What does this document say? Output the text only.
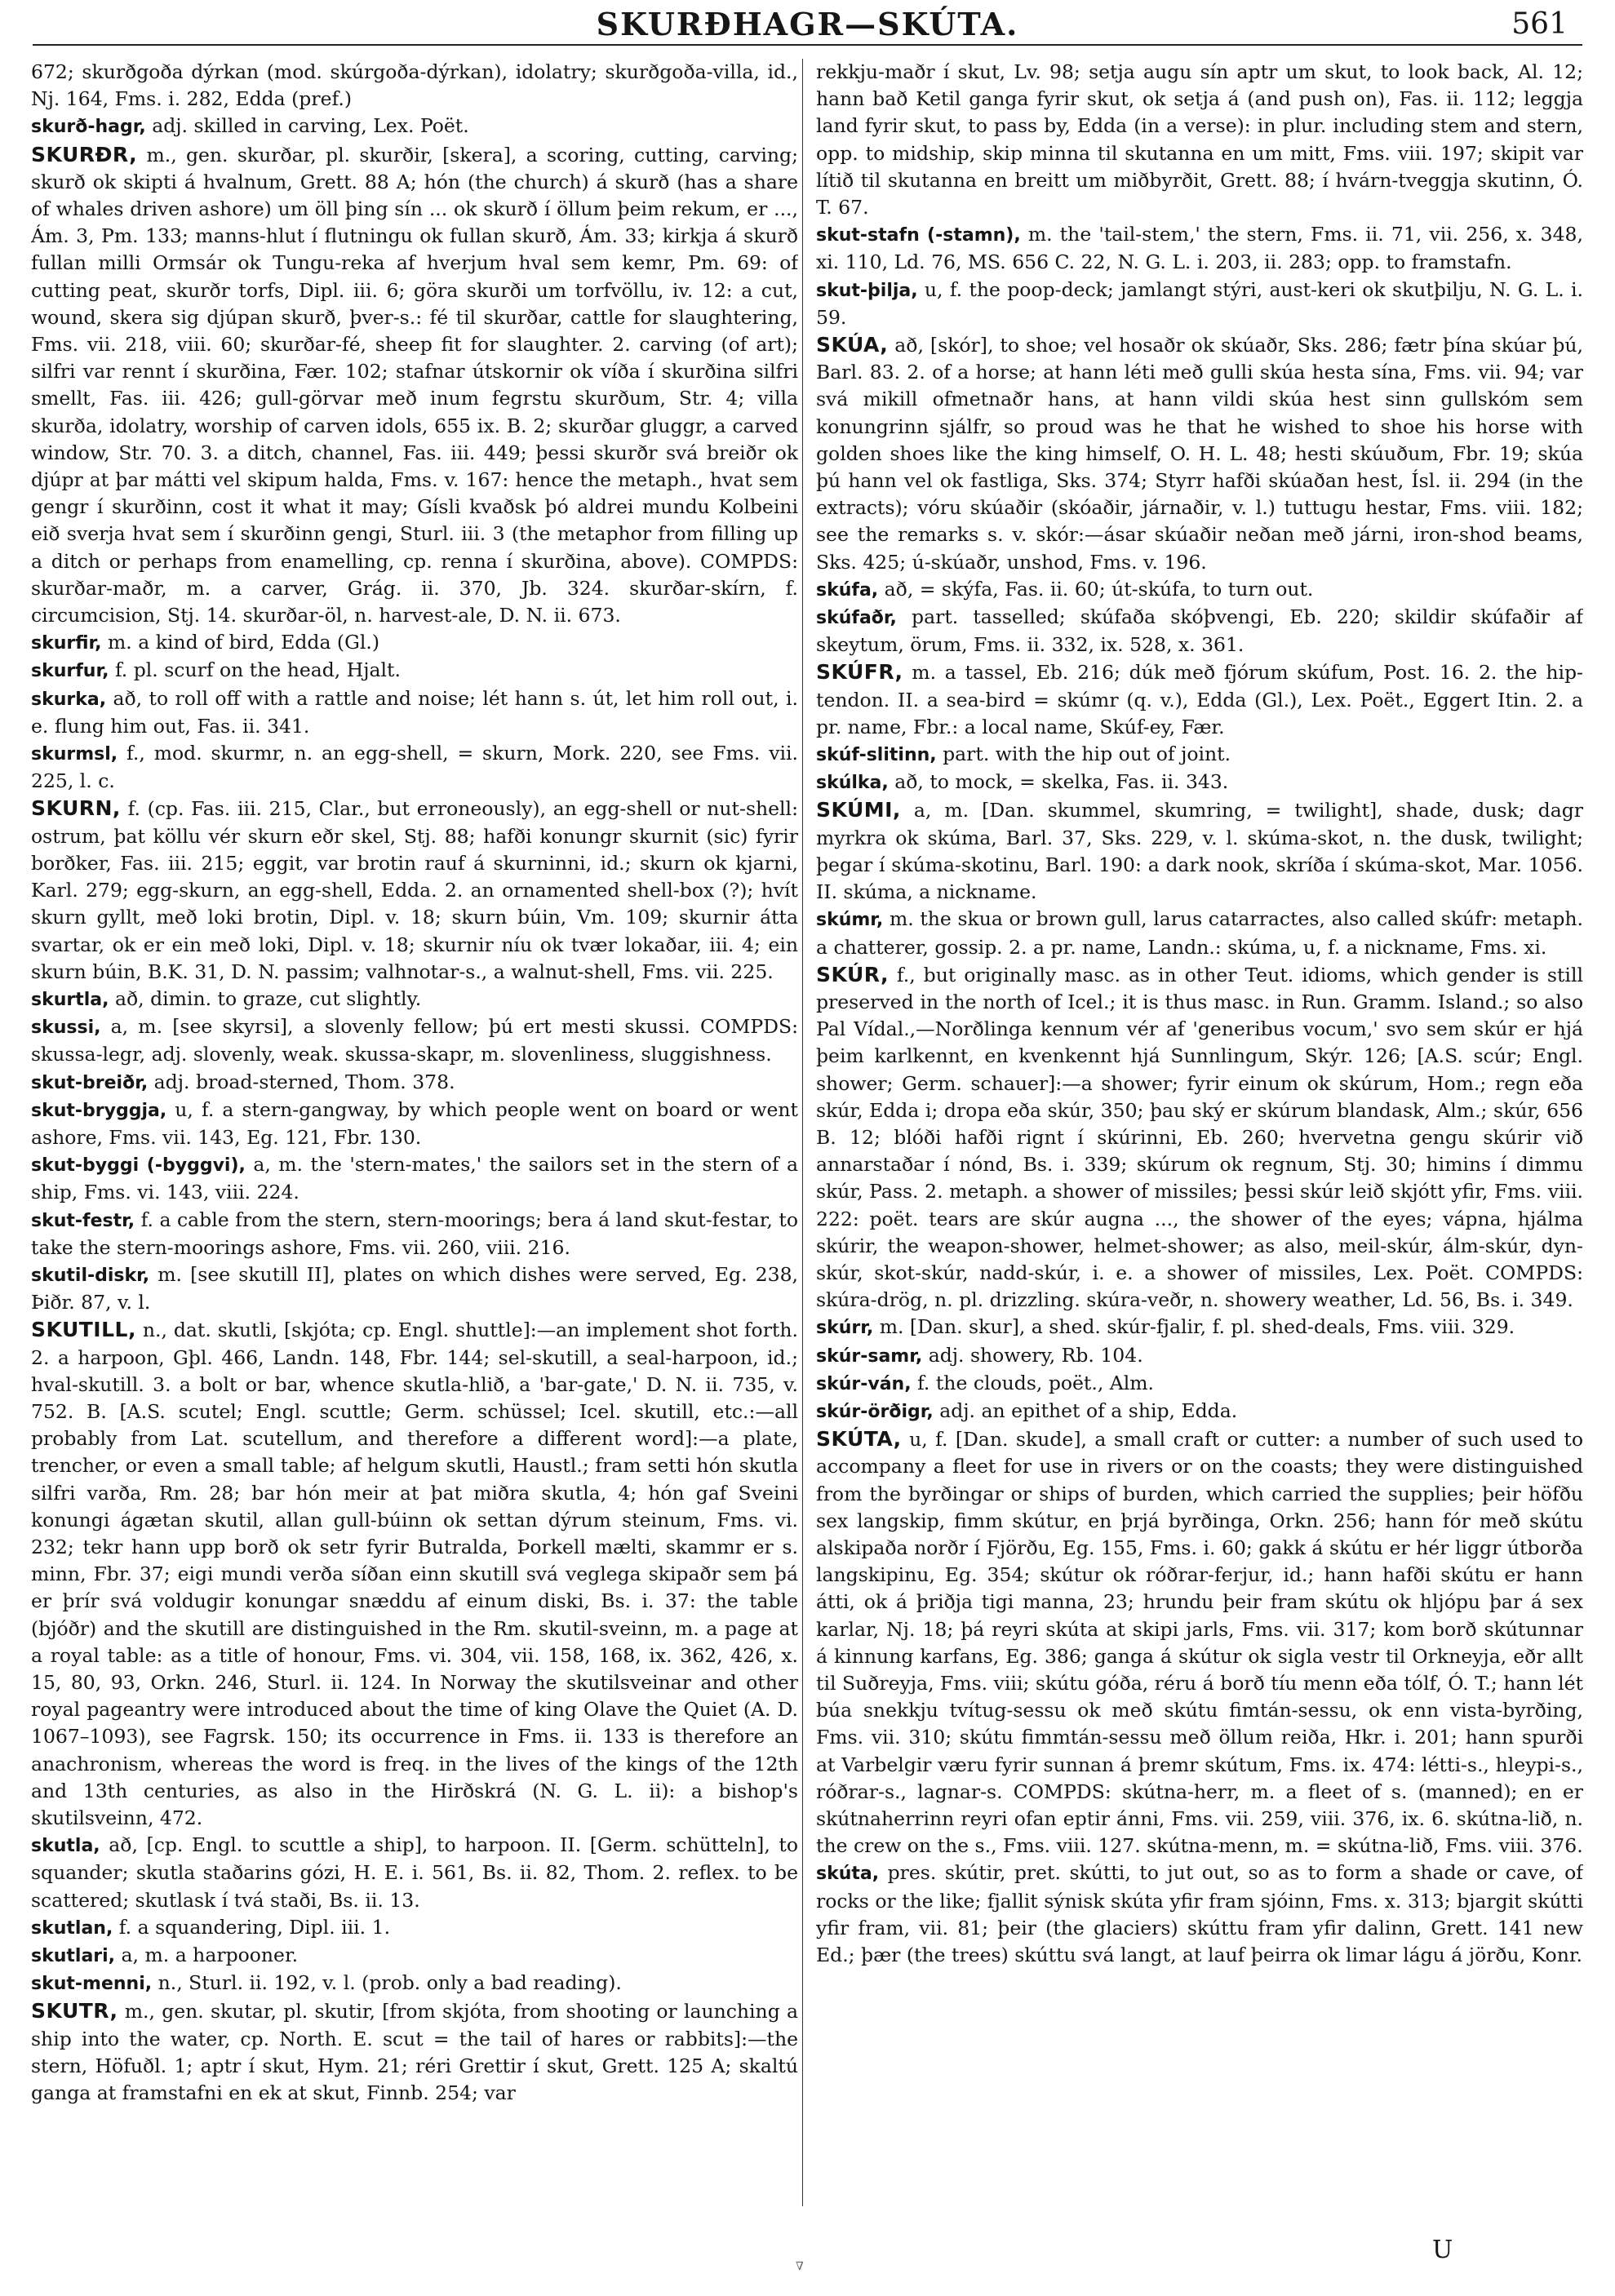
SKURÐHAGR—SKÚTA.	561

672; skurðgoða dýrkan (mod. skúrgoða-dýrkan), idolatry; skurðgoða-villa, id., Nj. 164, Fms. i. 282, Edda (pref.)

skurð-hagr, adj. skilled in carving, Lex. Poët.

SKURÐR, m., gen. skurðar, pl. skurðir, [skera], a scoring, cutting, carving; skurð ok skipti á hvalnum, Grett. 88 A; hón (the church) á skurð (has a share of whales driven ashore) um öll þing sín ... ok skurð í öllum þeim rekum, er ..., Ám. 3, Pm. 133; manns-hlut í flutningu ok fullan skurð, Ám. 33; kirkja á skurð fullan milli Ormsár ok Tungu-reka af hverjum hval sem kemr, Pm. 69: of cutting peat, skurðr torfs, Dipl. iii. 6; göra skurði um torfvöllu, iv. 12: a cut, wound, skera sig djúpan skurð, þver-s.: fé til skurðar, cattle for slaughtering, Fms. vii. 218, viii. 60; skurðar-fé, sheep fit for slaughter. 2. carving (of art); silfri var rennt í skurðina, Fær. 102; stafnar útskornir ok víða í skurðina silfri smellt, Fas. iii. 426; gull-görvar með inum fegrstu skurðum, Str. 4; villa skurða, idolatry, worship of carven idols, 655 ix. B. 2; skurðar gluggr, a carved window, Str. 70. 3. a ditch, channel, Fas. iii. 449; þessi skurðr svá breiðr ok djúpr at þar mátti vel skipum halda, Fms. v. 167: hence the metaph., hvat sem gengr í skurðinn, cost it what it may; Gísli kvaðsk þó aldrei mundu Kolbeini eið sverja hvat sem í skurðinn gengi, Sturl. iii. 3 (the metaphor from filling up a ditch or perhaps from enamelling, cp. renna í skurðina, above). COMPDS: skurðar-maðr, m. a carver, Grág. ii. 370, Jb. 324. skurðar-skírn, f. circumcision, Stj. 14. skurðar-öl, n. harvest-ale, D. N. ii. 673.

skurfir, m. a kind of bird, Edda (Gl.)

skurfur, f. pl. scurf on the head, Hjalt.

skurka, að, to roll off with a rattle and noise; lét hann s. út, let him roll out, i. e. flung him out, Fas. ii. 341.

skurmsl, f., mod. skurmr, n. an egg-shell, = skurn, Mork. 220, see Fms. vii. 225, l. c.

SKURN, f. (cp. Fas. iii. 215, Clar., but erroneously), an egg-shell or nut-shell: ostrum, þat köllu vér skurn eðr skel, Stj. 88; hafði konungr skurnit (sic) fyrir borðker, Fas. iii. 215; eggit, var brotin rauf á skurninni, id.; skurn ok kjarni, Karl. 279; egg-skurn, an egg-shell, Edda. 2. an ornamented shell-box (?); hvít skurn gyllt, með loki brotin, Dipl. v. 18; skurn búin, Vm. 109; skurnir átta svartar, ok er ein með loki, Dipl. v. 18; skurnir níu ok tvær lokaðar, iii. 4; ein skurn búin, B.K. 31, D. N. passim; valhnotar-s., a walnut-shell, Fms. vii. 225.

skurtla, að, dimin. to graze, cut slightly.

skussi, a, m. [see skyrsi], a slovenly fellow; þú ert mesti skussi. COMPDS: skussa-legr, adj. slovenly, weak. skussa-skapr, m. slovenliness, sluggishness.

skut-breiðr, adj. broad-sterned, Thom. 378.

skut-bryggja, u, f. a stern-gangway, by which people went on board or went ashore, Fms. vii. 143, Eg. 121, Fbr. 130.

skut-byggi (-byggvi), a, m. the 'stern-mates,' the sailors set in the stern of a ship, Fms. vi. 143, viii. 224.

skut-festr, f. a cable from the stern, stern-moorings; bera á land skut-festar, to take the stern-moorings ashore, Fms. vii. 260, viii. 216.

skutil-diskr, m. [see skutill II], plates on which dishes were served, Eg. 238, Þiðr. 87, v. l.

SKUTILL, n., dat. skutli, [skjóta; cp. Engl. shuttle]:—an implement shot forth. 2. a harpoon, Gþl. 466, Landn. 148, Fbr. 144; sel-skutill, a seal-harpoon, id.; hval-skutill. 3. a bolt or bar, whence skutla-hlið, a 'bar-gate,' D. N. ii. 735, v. 752. B. [A.S. scutel; Engl. scuttle; Germ. schüssel; Icel. skutill, etc.:—all probably from Lat. scutellum, and therefore a different word]:—a plate, trencher, or even a small table; af helgum skutli, Haustl.; fram setti hón skutla silfri varða, Rm. 28; bar hón meir at þat miðra skutla, 4; hón gaf Sveini konungi ágætan skutil, allan gull-búinn ok settan dýrum steinum, Fms. vi. 232; tekr hann upp borð ok setr fyrir Butralda, Þorkell mælti, skammr er s. minn, Fbr. 37; eigi mundi verða síðan einn skutill svá veglega skipaðr sem þá er þrír svá voldugir konungar snæddu af einum diski, Bs. i. 37: the table (bjóðr) and the skutill are distinguished in the Rm. skutil-sveinn, m. a page at a royal table: as a title of honour, Fms. vi. 304, vii. 158, 168, ix. 362, 426, x. 15, 80, 93, Orkn. 246, Sturl. ii. 124. In Norway the skutilsveinar and other royal pageantry were introduced about the time of king Olave the Quiet (A. D. 1067–1093), see Fagrsk. 150; its occurrence in Fms. ii. 133 is therefore an anachronism, whereas the word is freq. in the lives of the kings of the 12th and 13th centuries, as also in the Hirðskrá (N. G. L. ii): a bishop's skutilsveinn, 472.

skutla, að, [cp. Engl. to scuttle a ship], to harpoon. II. [Germ. schütteln], to squander; skutla staðarins gózi, H. E. i. 561, Bs. ii. 82, Thom. 2. reflex. to be scattered; skutlask í tvá staði, Bs. ii. 13.

skutlan, f. a squandering, Dipl. iii. 1.

skutlari, a, m. a harpooner.

skut-menni, n., Sturl. ii. 192, v. l. (prob. only a bad reading).

SKUTR, m., gen. skutar, pl. skutir, [from skjóta, from shooting or launching a ship into the water, cp. North. E. scut = the tail of hares or rabbits]:—the stern, Höfuðl. 1; aptr í skut, Hym. 21; réri Grettir í skut, Grett. 125 A; skaltú ganga at framstafni en ek at skut, Finnb. 254; var

rekkju-maðr í skut, Lv. 98; setja augu sín aptr um skut, to look back, Al. 12; hann bað Ketil ganga fyrir skut, ok setja á (and push on), Fas. ii. 112; leggja land fyrir skut, to pass by, Edda (in a verse): in plur. including stem and stern, opp. to midship, skip minna til skutanna en um mitt, Fms. viii. 197; skipit var lítið til skutanna en breitt um miðbyrðit, Grett. 88; í hvárn-tveggja skutinn, Ó. T. 67.

skut-stafn (-stamn), m. the 'tail-stem,' the stern, Fms. ii. 71, vii. 256, x. 348, xi. 110, Ld. 76, MS. 656 C. 22, N. G. L. i. 203, ii. 283; opp. to framstafn.

skut-þilja, u, f. the poop-deck; jamlangt stýri, aust-keri ok skutþilju, N. G. L. i. 59.

SKÚA, að, [skór], to shoe; vel hosaðr ok skúaðr, Sks. 286; fætr þína skúar þú, Barl. 83. 2. of a horse; at hann léti með gulli skúa hesta sína, Fms. vii. 94; var svá mikill ofmetnaðr hans, at hann vildi skúa hest sinn gullskóm sem konungrinn sjálfr, so proud was he that he wished to shoe his horse with golden shoes like the king himself, O. H. L. 48; hesti skúuðum, Fbr. 19; skúa þú hann vel ok fastliga, Sks. 374; Styrr hafði skúaðan hest, Ísl. ii. 294 (in the extracts); vóru skúaðir (skóaðir, járnaðir, v. l.) tuttugu hestar, Fms. viii. 182; see the remarks s. v. skór:—ásar skúaðir neðan með járni, iron-shod beams, Sks. 425; ú-skúaðr, unshod, Fms. v. 196.

skúfa, að, = skýfa, Fas. ii. 60; út-skúfa, to turn out.

skúfaðr, part. tasselled; skúfaða skóþvengi, Eb. 220; skildir skúfaðir af skeytum, örum, Fms. ii. 332, ix. 528, x. 361.

SKÚFR, m. a tassel, Eb. 216; dúk með fjórum skúfum, Post. 16. 2. the hip-tendon. II. a sea-bird = skúmr (q. v.), Edda (Gl.), Lex. Poët., Eggert Itin. 2. a pr. name, Fbr.: a local name, Skúf-ey, Fær.

skúf-slitinn, part. with the hip out of joint.

skúlka, að, to mock, = skelka, Fas. ii. 343.

SKÚMI, a, m. [Dan. skummel, skumring, = twilight], shade, dusk; dagr myrkra ok skúma, Barl. 37, Sks. 229, v. l. skúma-skot, n. the dusk, twilight; þegar í skúma-skotinu, Barl. 190: a dark nook, skríða í skúma-skot, Mar. 1056. II. skúma, a nickname.

skúmr, m. the skua or brown gull, larus catarractes, also called skúfr: metaph. a chatterer, gossip. 2. a pr. name, Landn.: skúma, u, f. a nickname, Fms. xi.

SKÚR, f., but originally masc. as in other Teut. idioms, which gender is still preserved in the north of Icel.; it is thus masc. in Run. Gramm. Island.; so also Pal Vídal.,—Norðlinga kennum vér af 'generibus vocum,' svo sem skúr er hjá þeim karlkennt, en kvenkennt hjá Sunnlingum, Skýr. 126; [A.S. scúr; Engl. shower; Germ. schauer]:—a shower; fyrir einum ok skúrum, Hom.; regn eða skúr, Edda i; dropa eða skúr, 350; þau ský er skúrum blandask, Alm.; skúr, 656 B. 12; blóði hafði rignt í skúrinni, Eb. 260; hvervetna gengu skúrir við annarstaðar í nónd, Bs. i. 339; skúrum ok regnum, Stj. 30; himins í dimmu skúr, Pass. 2. metaph. a shower of missiles; þessi skúr leið skjótt yfir, Fms. viii. 222: poët. tears are skúr augna ..., the shower of the eyes; vápna, hjálma skúrir, the weapon-shower, helmet-shower; as also, meil-skúr, álm-skúr, dyn-skúr, skot-skúr, nadd-skúr, i. e. a shower of missiles, Lex. Poët. COMPDS: skúra-drög, n. pl. drizzling. skúra-veðr, n. showery weather, Ld. 56, Bs. i. 349.

skúrr, m. [Dan. skur], a shed. skúr-fjalir, f. pl. shed-deals, Fms. viii. 329.

skúr-samr, adj. showery, Rb. 104.

skúr-ván, f. the clouds, poët., Alm.

skúr-örðigr, adj. an epithet of a ship, Edda.

SKÚTA, u, f. [Dan. skude], a small craft or cutter: a number of such used to accompany a fleet for use in rivers or on the coasts; they were distinguished from the byrðingar or ships of burden, which carried the supplies; þeir höfðu sex langskip, fimm skútur, en þrjá byrðinga, Orkn. 256; hann fór með skútu alskipaða norðr í Fjörðu, Eg. 155, Fms. i. 60; gakk á skútu er hér liggr útborða langskipinu, Eg. 354; skútur ok róðrar-ferjur, id.; hann hafði skútu er hann átti, ok á þriðja tigi manna, 23; hrundu þeir fram skútu ok hljópu þar á sex karlar, Nj. 18; þá reyri skúta at skipi jarls, Fms. vii. 317; kom borð skútunnar á kinnung karfans, Eg. 386; ganga á skútur ok sigla vestr til Orkneyja, eðr allt til Suðreyja, Fms. viii; skútu góða, réru á borð tíu menn eða tólf, Ó. T.; hann lét búa snekkju tvítug-sessu ok með skútu fimtán-sessu, ok enn vista-byrðing, Fms. vii. 310; skútu fimmtán-sessu með öllum reiða, Hkr. i. 201; hann spurði at Varbelgir væru fyrir sunnan á þremr skútum, Fms. ix. 474: létti-s., hleypi-s., róðrar-s., lagnar-s. COMPDS: skútna-herr, m. a fleet of s. (manned); en er skútnaherrinn reyri ofan eptir ánni, Fms. vii. 259, viii. 376, ix. 6. skútna-lið, n. the crew on the s., Fms. viii. 127. skútna-menn, m. = skútna-lið, Fms. viii. 376.

skúta, pres. skútir, pret. skútti, to jut out, so as to form a shade or cave, of rocks or the like; fjallit sýnisk skúta yfir fram sjóinn, Fms. x. 313; bjargit skútti yfir fram, vii. 81; þeir (the glaciers) skúttu fram yfir dalinn, Grett. 141 new Ed.; þær (the trees) skúttu svá langt, at lauf þeirra ok limar lágu á jörðu, Konr.

∇
U
